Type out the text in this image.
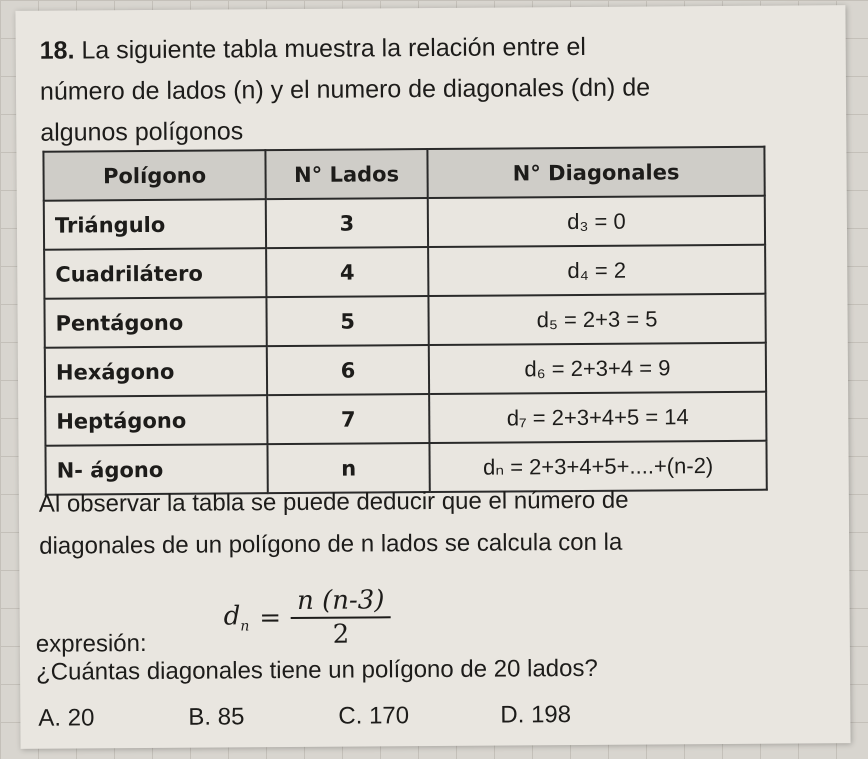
18. La siguiente tabla muestra la relación entre el
número de lados (n) y el numero de diagonales (dn) de
algunos polígonos
Polígono	N° Lados	N° Diagonales
Triángulo	3	d₃ = 0
Cuadrilátero	4	d₄ = 2
Pentágono	5	d₅ = 2+3 = 5
Hexágono	6	d₆ = 2+3+4 = 9
Heptágono	7	d₇ = 2+3+4+5 = 14
N- ágono	n	dₙ = 2+3+4+5+....+(n-2)
Al observar la tabla se puede deducir que el número de
diagonales de un polígono de n lados se calcula con la
expresión:
$d_n = \frac{n (n-3)}{2}$
¿Cuántas diagonales tiene un polígono de 20 lados?
A. 20	B. 85	C. 170	D. 198
